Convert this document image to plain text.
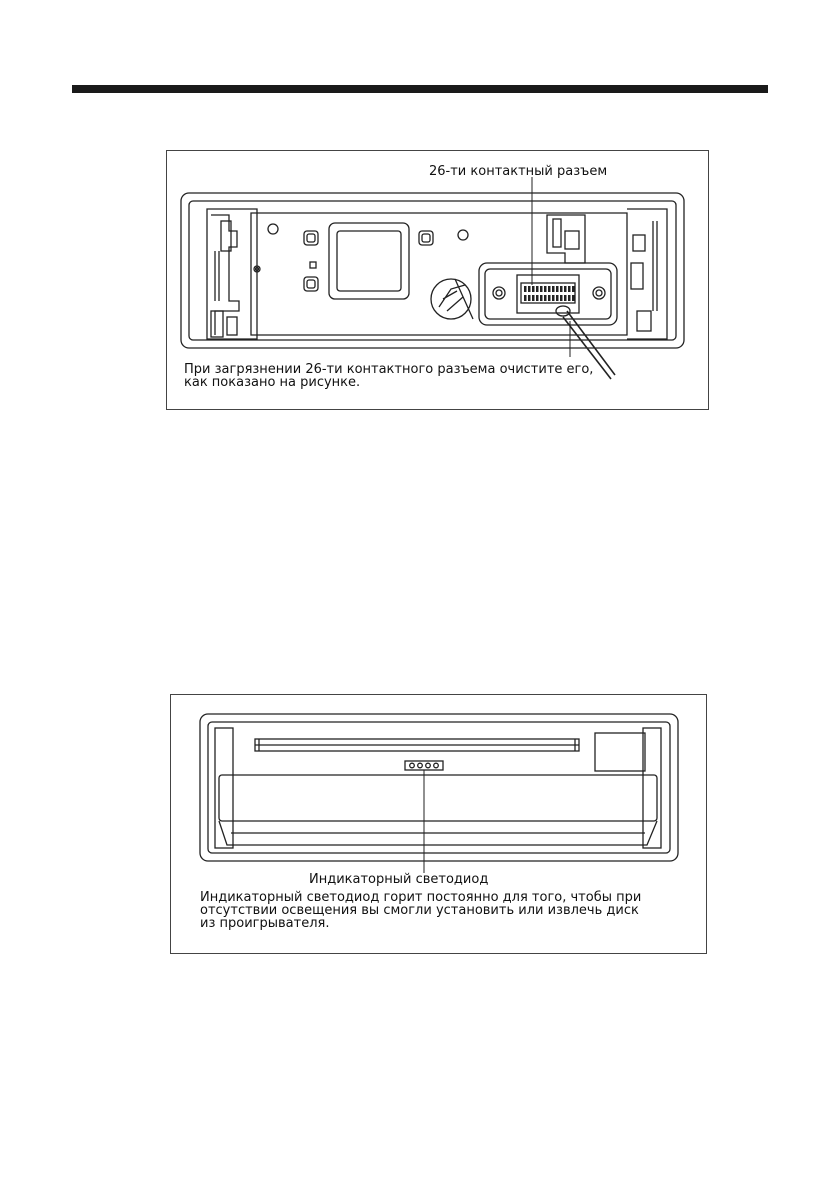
26-ти контактный разъем
При загрязнении 26-ти контактного разъема очистите его,
как показано на рисунке.
Индикаторный светодиод
Индикаторный светодиод горит постоянно для того, чтобы при
отсутствии освещения вы смогли установить или извлечь диск
из проигрывателя.
